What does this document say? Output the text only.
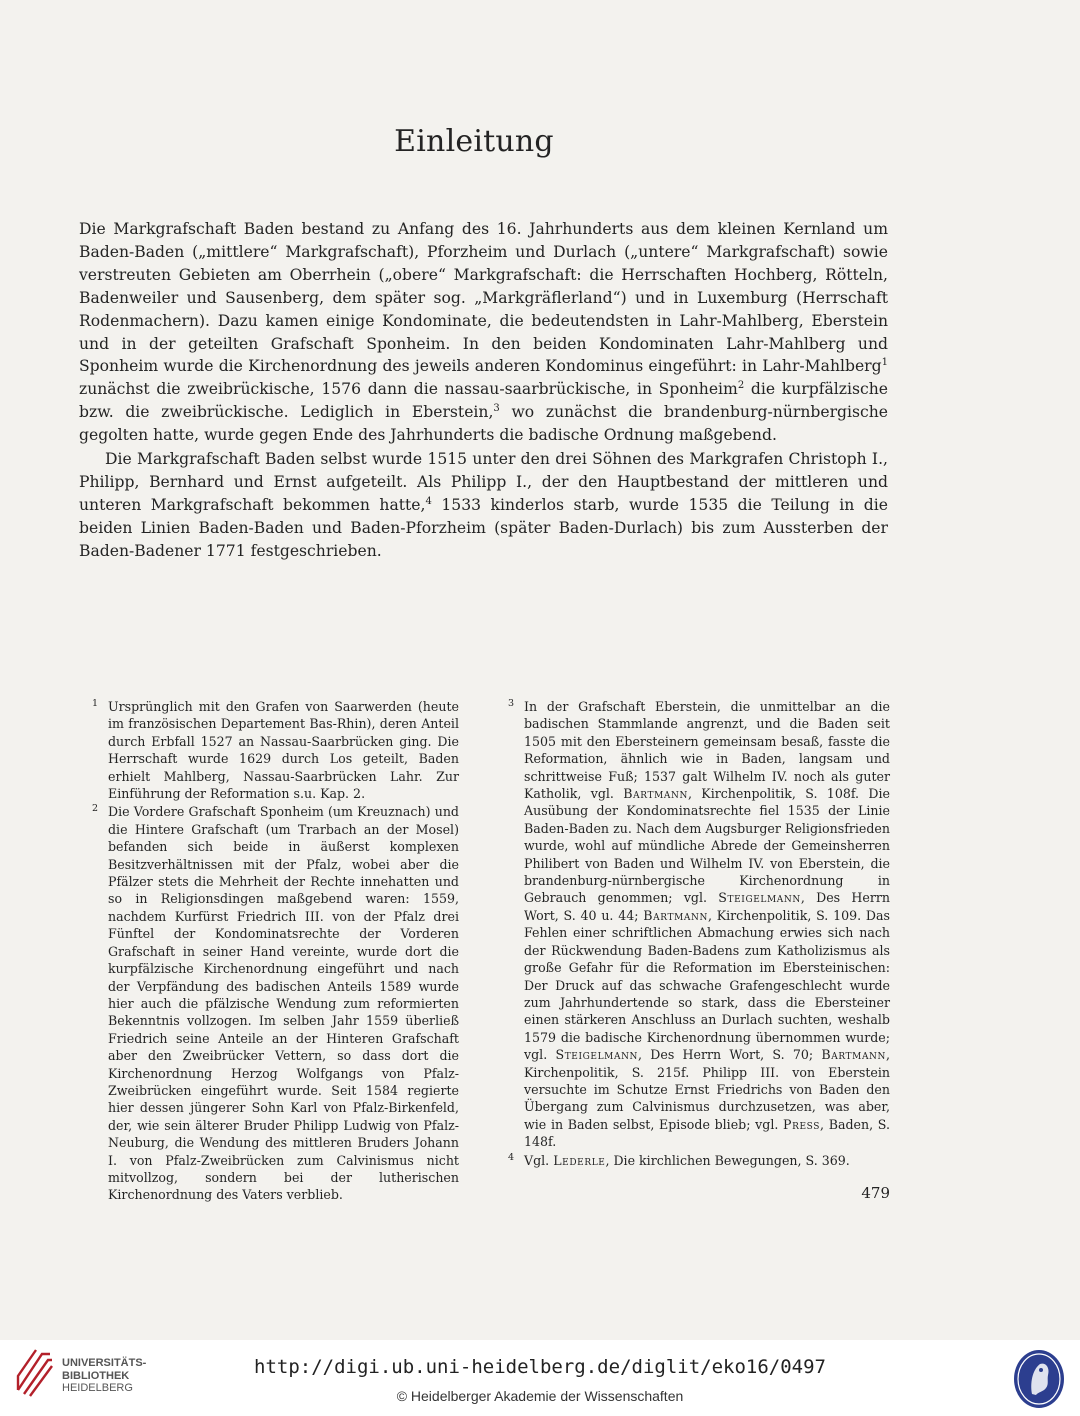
Einleitung

Die Markgrafschaft Baden bestand zu Anfang des 16. Jahrhunderts aus dem kleinen Kernland um Baden-Baden („mittlere“ Markgrafschaft), Pforzheim und Durlach („untere“ Markgrafschaft) sowie verstreuten Gebieten am Oberrhein („obere“ Markgrafschaft: die Herrschaften Hochberg, Rötteln, Badenweiler und Sausenberg, dem später sog. „Markgräflerland“) und in Luxemburg (Herrschaft Rodenmachern). Dazu kamen einige Kondominate, die bedeutendsten in Lahr-Mahlberg, Eberstein und in der geteilten Grafschaft Sponheim. In den beiden Kondominaten Lahr-Mahlberg und Sponheim wurde die Kirchenordnung des jeweils anderen Kondominus eingeführt: in Lahr-Mahlberg$^1$ zunächst die zweibrückische, 1576 dann die nassau-saarbrückische, in Sponheim$^2$ die kurpfälzische bzw. die zweibrückische. Lediglich in Eberstein,$^3$ wo zunächst die brandenburg-nürnbergische gegolten hatte, wurde gegen Ende des Jahrhunderts die badische Ordnung maßgebend.

Die Markgrafschaft Baden selbst wurde 1515 unter den drei Söhnen des Markgrafen Christoph I., Philipp, Bernhard und Ernst aufgeteilt. Als Philipp I., der den Hauptbestand der mittleren und unteren Markgrafschaft bekommen hatte,$^4$ 1533 kinderlos starb, wurde 1535 die Teilung in die beiden Linien Baden-Baden und Baden-Pforzheim (später Baden-Durlach) bis zum Aussterben der Baden-Badener 1771 festgeschrieben.

1 Ursprünglich mit den Grafen von Saarwerden (heute im französischen Departement Bas-Rhin), deren Anteil durch Erbfall 1527 an Nassau-Saarbrücken ging. Die Herrschaft wurde 1629 durch Los geteilt, Baden erhielt Mahlberg, Nassau-Saarbrücken Lahr. Zur Einführung der Reformation s.u. Kap. 2.
2 Die Vordere Grafschaft Sponheim (um Kreuznach) und die Hintere Grafschaft (um Trarbach an der Mosel) befanden sich beide in äußerst komplexen Besitzverhältnissen mit der Pfalz, wobei aber die Pfälzer stets die Mehrheit der Rechte innehatten und so in Religionsdingen maßgebend waren: 1559, nachdem Kurfürst Friedrich III. von der Pfalz drei Fünftel der Kondominatsrechte der Vorderen Grafschaft in seiner Hand vereinte, wurde dort die kurpfälzische Kirchenordnung eingeführt und nach der Verpfändung des badischen Anteils 1589 wurde hier auch die pfälzische Wendung zum reformierten Bekenntnis vollzogen. Im selben Jahr 1559 überließ Friedrich seine Anteile an der Hinteren Grafschaft aber den Zweibrücker Vettern, so dass dort die Kirchenordnung Herzog Wolfgangs von Pfalz-Zweibrücken eingeführt wurde. Seit 1584 regierte hier dessen jüngerer Sohn Karl von Pfalz-Birkenfeld, der, wie sein älterer Bruder Philipp Ludwig von Pfalz-Neuburg, die Wendung des mittleren Bruders Johann I. von Pfalz-Zweibrücken zum Calvinismus nicht mitvollzog, sondern bei der lutherischen Kirchenordnung des Vaters verblieb.
3 In der Grafschaft Eberstein, die unmittelbar an die badischen Stammlande angrenzt, und die Baden seit 1505 mit den Ebersteinern gemeinsam besaß, fasste die Reformation, ähnlich wie in Baden, langsam und schrittweise Fuß; 1537 galt Wilhelm IV. noch als guter Katholik, vgl. Bartmann, Kirchenpolitik, S. 108f. Die Ausübung der Kondominatsrechte fiel 1535 der Linie Baden-Baden zu. Nach dem Augsburger Religionsfrieden wurde, wohl auf mündliche Abrede der Gemeinsherren Philibert von Baden und Wilhelm IV. von Eberstein, die brandenburg-nürnbergische Kirchenordnung in Gebrauch genommen; vgl. Steigelmann, Des Herrn Wort, S. 40 u. 44; Bartmann, Kirchenpolitik, S. 109. Das Fehlen einer schriftlichen Abmachung erwies sich nach der Rückwendung Baden-Badens zum Katholizismus als große Gefahr für die Reformation im Ebersteinischen: Der Druck auf das schwache Grafengeschlecht wurde zum Jahrhundertende so stark, dass die Ebersteiner einen stärkeren Anschluss an Durlach suchten, weshalb 1579 die badische Kirchenordnung übernommen wurde; vgl. Steigelmann, Des Herrn Wort, S. 70; Bartmann, Kirchenpolitik, S. 215f. Philipp III. von Eberstein versuchte im Schutze Ernst Friedrichs von Baden den Übergang zum Calvinismus durchzusetzen, was aber, wie in Baden selbst, Episode blieb; vgl. Press, Baden, S. 148f.
4 Vgl. Lederle, Die kirchlichen Bewegungen, S. 369.
479
UNIVERSITÄTS-
BIBLIOTHEK
HEIDELBERG
http://digi.ub.uni-heidelberg.de/diglit/eko16/0497
© Heidelberger Akademie der Wissenschaften
